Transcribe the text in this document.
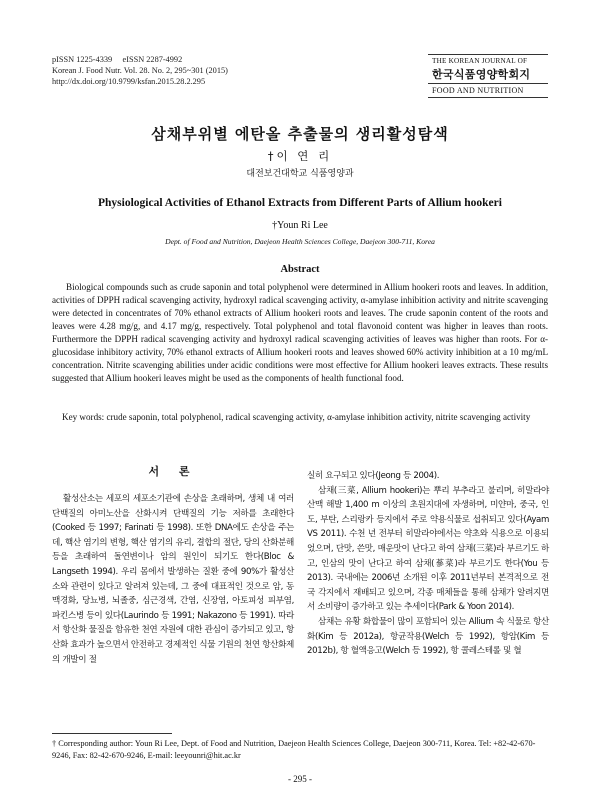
pISSN 1225-4339     eISSN 2287-4992
Korean J. Food Nutr. Vol. 28. No. 2, 295~301 (2015)
http://dx.doi.org/10.9799/ksfan.2015.28.2.295
THE KOREAN JOURNAL OF
한국식품영양학회지
FOOD AND NUTRITION
삼채부위별 에탄올 추출물의 생리활성탐색
†이 연 리
대전보건대학교 식품영양과
Physiological Activities of Ethanol Extracts from Different Parts of Allium hookeri
†Youn Ri Lee
Dept. of Food and Nutrition, Daejeon Health Sciences College, Daejeon 300-711, Korea
Abstract
Biological compounds such as crude saponin and total polyphenol were determined in Allium hookeri roots and leaves. In addition, activities of DPPH radical scavenging activity, hydroxyl radical scavenging activity, α-amylase inhibition activity and nitrite scavenging were detected in concentrates of 70% ethanol extracts of Allium hookeri roots and leaves. The crude saponin content of the roots and leaves were 4.28 mg/g, and 4.17 mg/g, respectively. Total polyphenol and total flavonoid content was higher in leaves than roots. Furthermore the DPPH radical scavenging activity and hydroxyl radical scavenging activities of leaves was higher than roots. For α-glucosidase inhibitory activity, 70% ethanol extracts of Allium hookeri roots and leaves showed 60% activity inhibition at a 10 mg/mL concentration. Nitrite scavenging abilities under acidic conditions were most effective for Allium hookeri leaves extracts. These results suggested that Allium hookeri leaves might be used as the components of health functional food.
Key words: crude saponin, total polyphenol, radical scavenging activity, α-amylase inhibition activity, nitrite scavenging activity
서 론

활성산소는 세포의 세포소기관에 손상을 초래하며, 생체 내 여러 단백질의 아미노산을 산화시켜 단백질의 기능 저하를 초래한다(Cooked 등 1997; Farinati 등 1998). 또한 DNA에도 손상을 주는데, 핵산 염기의 변형, 핵산 염기의 유리, 결합의 절단, 당의 산화분해 등을 초래하여 돌연변이나 암의 원인이 되기도 한다(Bloc & Langseth 1994). 우리 몸에서 발생하는 질환 중에 90%가 활성산소와 관련이 있다고 알려져 있는데, 그 중에 대표적인 것으로 암, 동맥경화, 당뇨병, 뇌졸중, 심근경색, 간염, 신장염, 아토피성 피부염, 파킨스병 등이 있다(Laurindo 등 1991; Nakazono 등 1991). 따라서 항산화 물질을 함유한 천연 자원에 대한 관심이 증가되고 있고, 항산화 효과가 높으면서 안전하고 경제적인 식물 기원의 천연 항산화제의 개발이 절

실히 요구되고 있다(Jeong 등 2004).

삼채(三菜, Allium hookeri)는 뿌리 부추라고 불리며, 히말라야 산맥 해발 1,400 m 이상의 초원지대에 자생하며, 미얀마, 중국, 인도, 부탄, 스리랑카 등지에서 주로 약용식물로 섭취되고 있다(Ayam VS 2011). 수천 년 전부터 히말라야에서는 약초와 식용으로 이용되었으며, 단맛, 쓴맛, 매운맛이 난다고 하여 삼채(三菜)라 부르기도 하고, 인삼의 맛이 난다고 하여 삼채(蔘菜)라 부르기도 한다(You 등 2013). 국내에는 2006년 소개된 이후 2011년부터 본격적으로 전국 각지에서 재배되고 있으며, 각종 매체들을 통해 삼채가 알려지면서 소비량이 증가하고 있는 추세이다(Park & Yoon 2014).

삼채는 유황 화합물이 많이 포함되어 있는 Allium 속 식물로 항산화(Kim 등 2012a), 항균작용(Welch 등 1992), 항암(Kim 등 2012b), 항 혈액응고(Welch 등 1992), 항 콜레스테롤 및 혈

† Corresponding author: Youn Ri Lee, Dept. of Food and Nutrition, Daejeon Health Sciences College, Daejeon 300-711, Korea. Tel: +82-42-670-9246, Fax: 82-42-670-9246, E-mail: leeyounri@hit.ac.kr
- 295 -
